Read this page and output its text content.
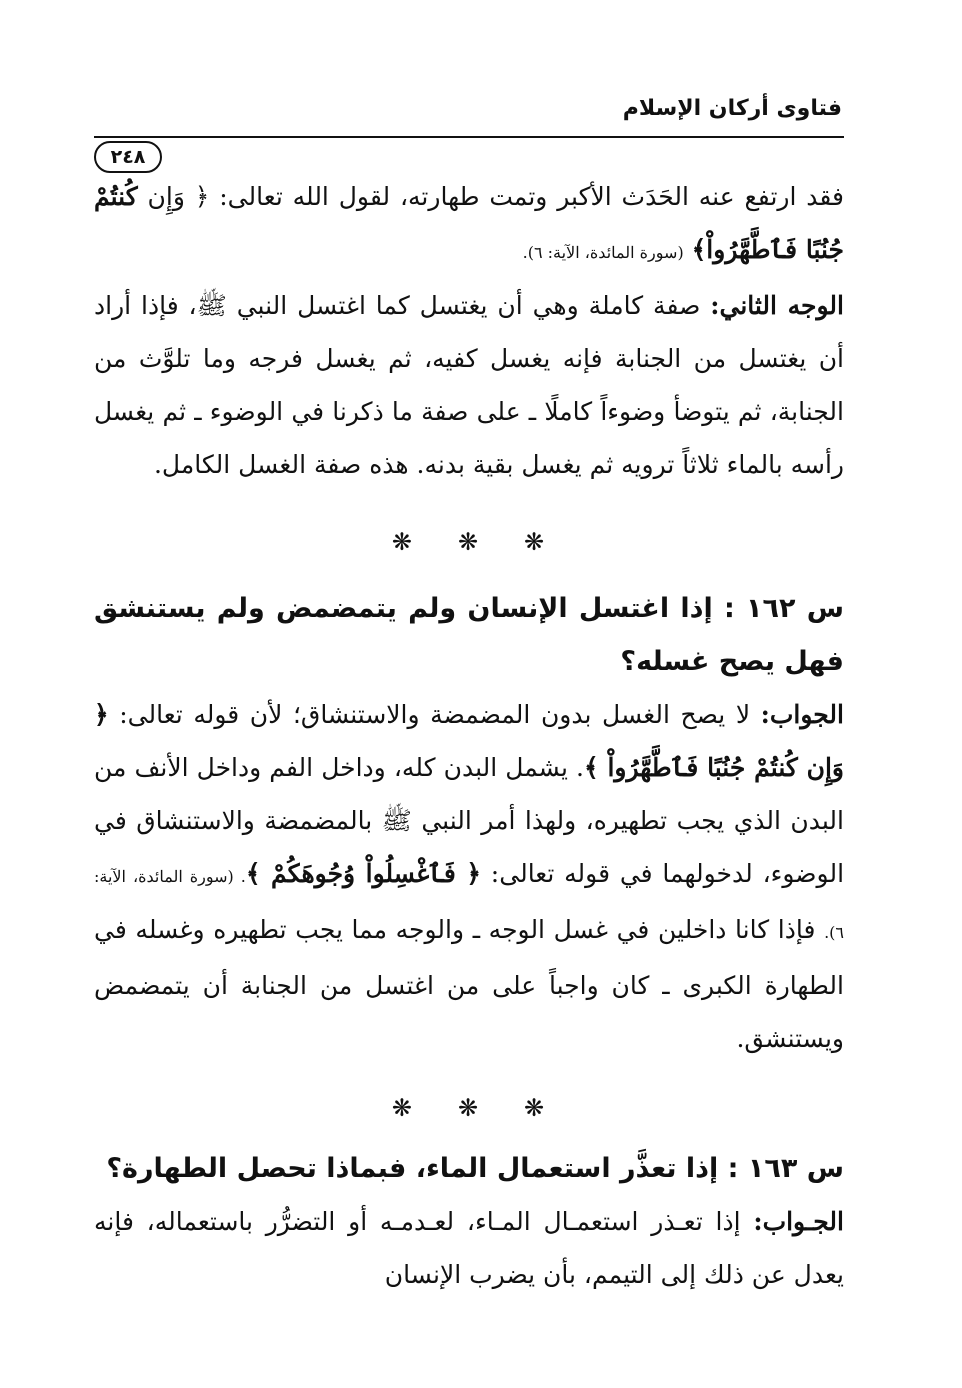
فتاوى أركان الإسلام
٢٤٨

فقد ارتفع عنه الحَدَث الأكبر وتمت طهارته، لقول الله تعالى: ﴿ وَإِن كُنتُمْ جُنُبًا فَٱطَّهَّرُواْ﴾ (سورة المائدة، الآية: ٦).

الوجه الثاني: صفة كاملة وهي أن يغتسل كما اغتسل النبي ﷺ، فإذا أراد أن يغتسل من الجنابة فإنه يغسل كفيه، ثم يغسل فرجه وما تلوَّث من الجنابة، ثم يتوضأ وضوءاً كاملًا ـ على صفة ما ذكرنا في الوضوء ـ ثم يغسل رأسه بالماء ثلاثاً ترويه ثم يغسل بقية بدنه. هذه صفة الغسل الكامل.

❋ ❋ ❋

س ١٦٢ : إذا اغتسل الإنسان ولم يتمضمض ولم يستنشق فهل يصح غسله؟

الجواب: لا يصح الغسل بدون المضمضة والاستنشاق؛ لأن قوله تعالى: ﴿ وَإِن كُنتُمْ جُنُبًا فَٱطَّهَّرُواْ ﴾. يشمل البدن كله، وداخل الفم وداخل الأنف من البدن الذي يجب تطهيره، ولهذا أمر النبي ﷺ بالمضمضة والاستنشاق في الوضوء، لدخولهما في قوله تعالى: ﴿ فَٱغْسِلُواْ وُجُوهَكُمْ ﴾. (سورة المائدة، الآية: ٦). فإذا كانا داخلين في غسل الوجه ـ والوجه مما يجب تطهيره وغسله في الطهارة الكبرى ـ كان واجباً على من اغتسل من الجنابة أن يتمضمض ويستنشق.

❋ ❋ ❋

س ١٦٣ : إذا تعذَّر استعمال الماء، فبماذا تحصل الطهارة؟

الجـواب: إذا تعـذر استعمـال المـاء، لعـدمـه أو التضرُّر باستعماله، فإنه يعدل عن ذلك إلى التيمم، بأن يضرب الإنسان
